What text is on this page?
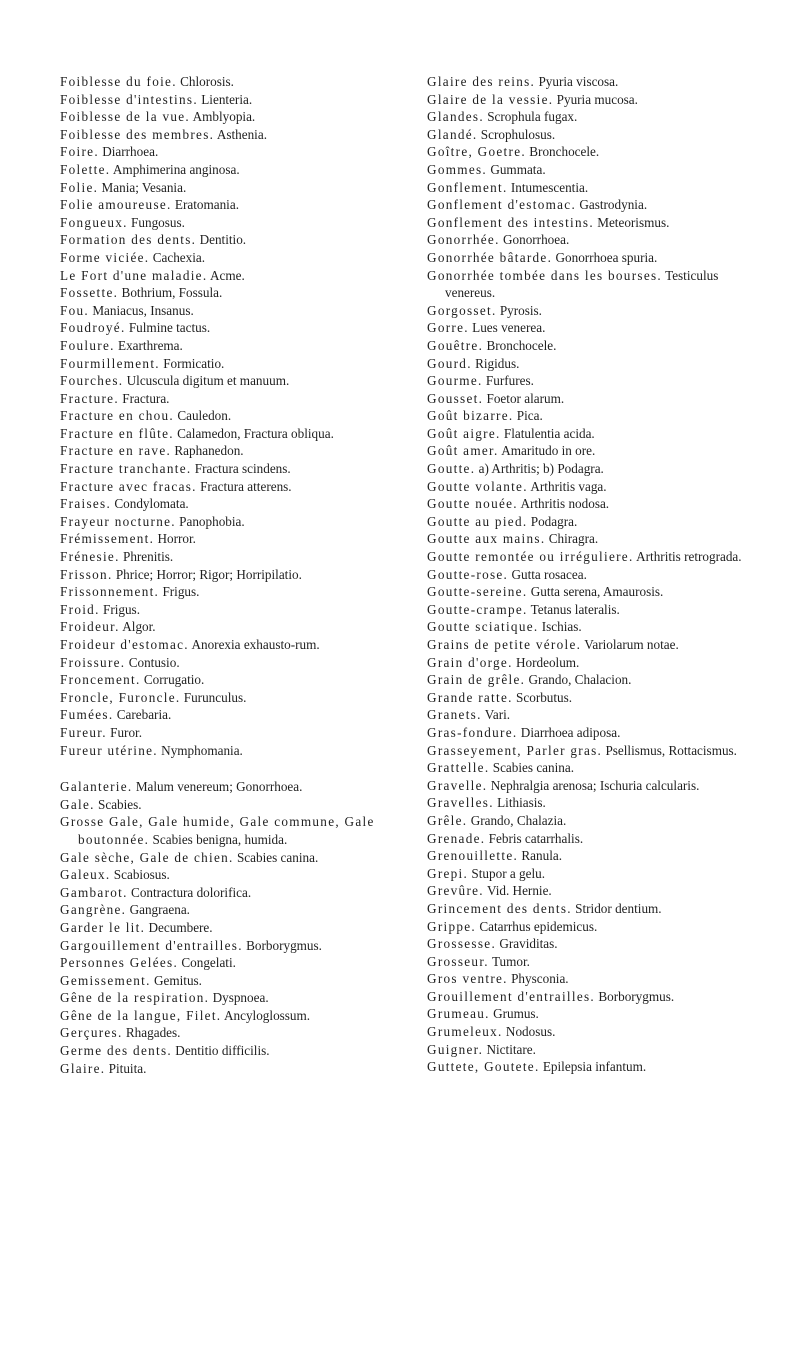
Foiblesse du foie. Chlorosis.

Foiblesse d'intestins. Lienteria.

Foiblesse de la vue. Amblyopia.

Foiblesse des membres. Asthenia.

Foire. Diarrhoea.

Folette. Amphimerina anginosa.

Folie. Mania; Vesania.

Folie amoureuse. Eratomania.

Fongueux. Fungosus.

Formation des dents. Dentitio.

Forme viciée. Cachexia.

Le Fort d'une maladie. Acme.

Fossette. Bothrium, Fossula.

Fou. Maniacus, Insanus.

Foudroyé. Fulmine tactus.

Foulure. Exarthrema.

Fourmillement. Formicatio.

Fourches. Ulcuscula digitum et manuum.

Fracture. Fractura.

Fracture en chou. Cauledon.

Fracture en flûte. Calamedon, Fractura obliqua.

Fracture en rave. Raphanedon.

Fracture tranchante. Fractura scindens.

Fracture avec fracas. Fractura atterens.

Fraises. Condylomata.

Frayeur nocturne. Panophobia.

Frémissement. Horror.

Frénesie. Phrenitis.

Frisson. Phrice; Horror; Rigor; Horripilatio.

Frissonnement. Frigus.

Froid. Frigus.

Froideur. Algor.

Froideur d'estomac. Anorexia exhausto-rum.

Froissure. Contusio.

Froncement. Corrugatio.

Froncle, Furoncle. Furunculus.

Fumées. Carebaria.

Fureur. Furor.

Fureur utérine. Nymphomania.

Galanterie. Malum venereum; Gonorrhoea.

Gale. Scabies.

Grosse Gale, Gale humide, Gale commune, Gale boutonnée. Scabies benigna, humida.

Gale sèche, Gale de chien. Scabies canina.

Galeux. Scabiosus.

Gambarot. Contractura dolorifica.

Gangrène. Gangraena.

Garder le lit. Decumbere.

Gargouillement d'entrailles. Borborygmus.

Personnes Gelées. Congelati.

Gemissement. Gemitus.

Gêne de la respiration. Dyspnoea.

Gêne de la langue, Filet. Ancyloglossum.

Gerçures. Rhagades.

Germe des dents. Dentitio difficilis.

Glaire. Pituita.

Glaire des reins. Pyuria viscosa.

Glaire de la vessie. Pyuria mucosa.

Glandes. Scrophula fugax.

Glandé. Scrophulosus.

Goître, Goetre. Bronchocele.

Gommes. Gummata.

Gonflement. Intumescentia.

Gonflement d'estomac. Gastrodynia.

Gonflement des intestins. Meteorismus.

Gonorrhée. Gonorrhoea.

Gonorrhée bâtarde. Gonorrhoea spuria.

Gonorrhée tombée dans les bourses. Testiculus venereus.

Gorgosset. Pyrosis.

Gorre. Lues venerea.

Gouêtre. Bronchocele.

Gourd. Rigidus.

Gourme. Furfures.

Gousset. Foetor alarum.

Goût bizarre. Pica.

Goût aigre. Flatulentia acida.

Goût amer. Amaritudo in ore.

Goutte. a) Arthritis; b) Podagra.

Goutte volante. Arthritis vaga.

Goutte nouée. Arthritis nodosa.

Goutte au pied. Podagra.

Goutte aux mains. Chiragra.

Goutte remontée ou irréguliere. Arthritis retrograda.

Goutte-rose. Gutta rosacea.

Goutte-sereine. Gutta serena, Amaurosis.

Goutte-crampe. Tetanus lateralis.

Goutte sciatique. Ischias.

Grains de petite vérole. Variolarum notae.

Grain d'orge. Hordeolum.

Grain de grêle. Grando, Chalacion.

Grande ratte. Scorbutus.

Granets. Vari.

Gras-fondure. Diarrhoea adiposa.

Grasseyement, Parler gras. Psellismus, Rottacismus.

Grattelle. Scabies canina.

Gravelle. Nephralgia arenosa; Ischuria calcularis.

Gravelles. Lithiasis.

Grêle. Grando, Chalazia.

Grenade. Febris catarrhalis.

Grenouillette. Ranula.

Grepi. Stupor a gelu.

Grevûre. Vid. Hernie.

Grincement des dents. Stridor dentium.

Grippe. Catarrhus epidemicus.

Grossesse. Graviditas.

Grosseur. Tumor.

Gros ventre. Physconia.

Grouillement d'entrailles. Borborygmus.

Grumeau. Grumus.

Grumeleux. Nodosus.

Guigner. Nictitare.

Guttete, Goutete. Epilepsia infantum.
